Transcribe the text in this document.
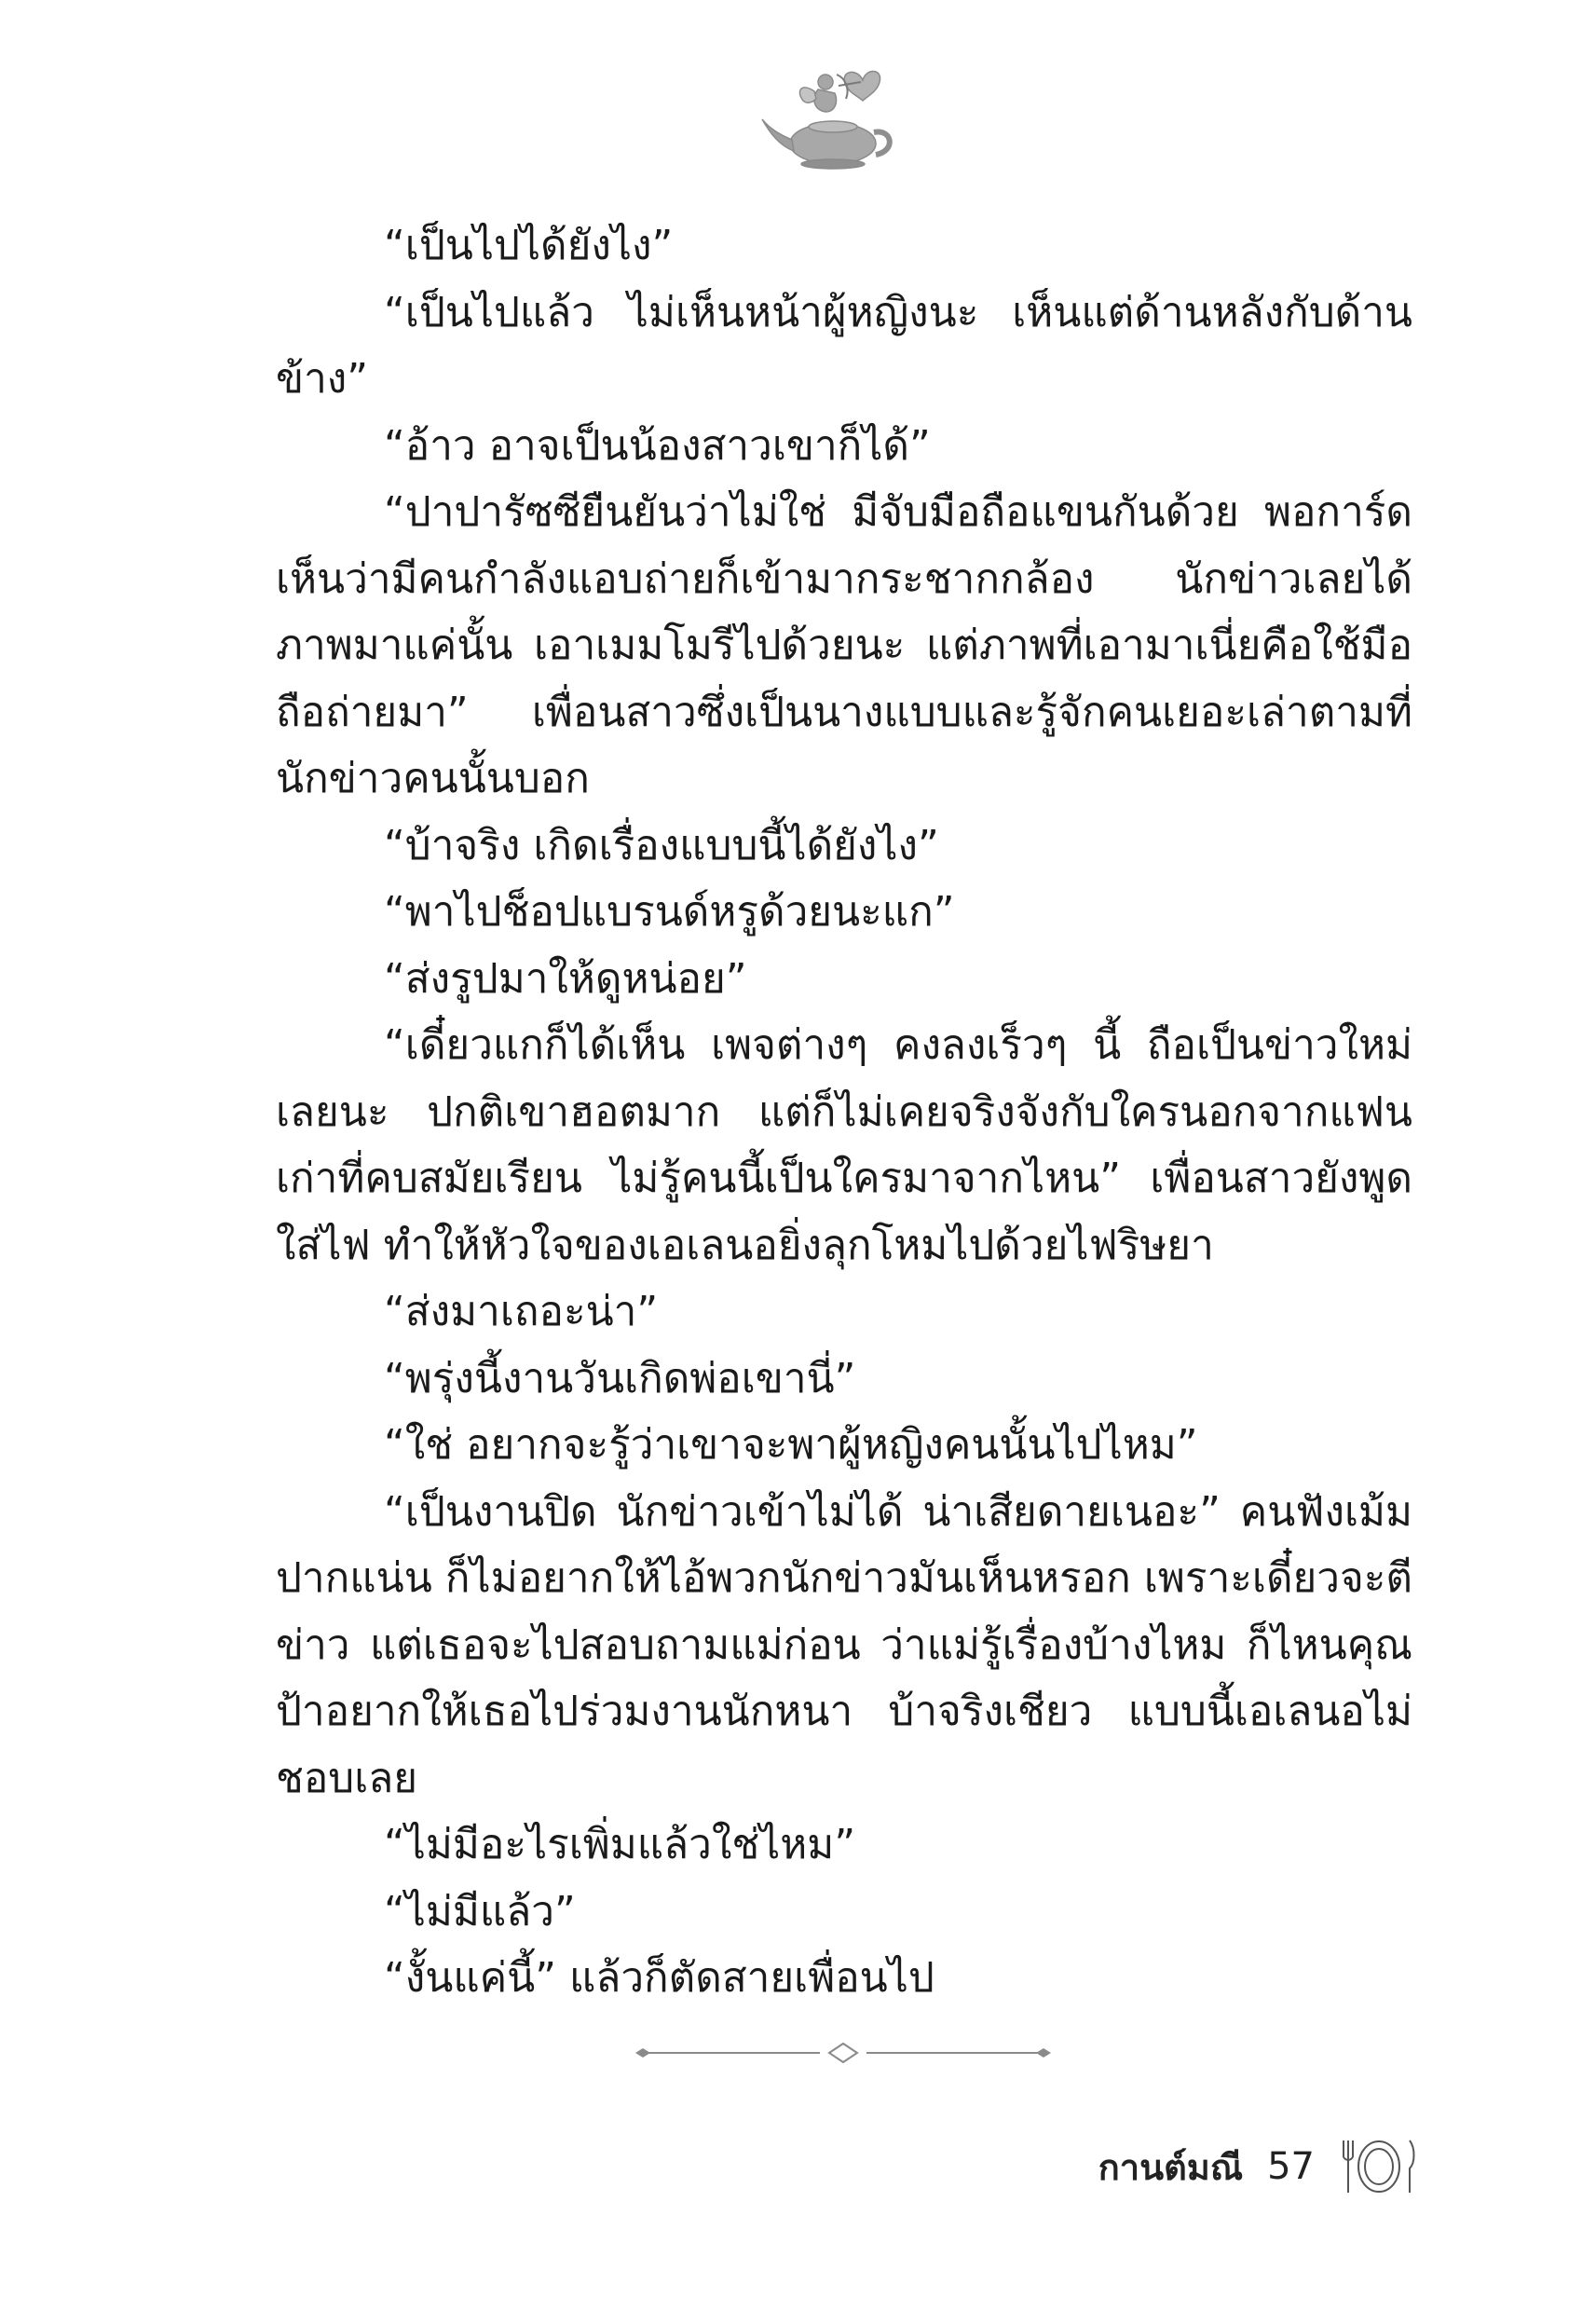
“เป็นไปได้ยังไง”

“เป็นไปแล้ว ไม่เห็นหน้าผู้หญิงนะ เห็นแต่ด้านหลังกับด้านข้าง”

“อ้าว อาจเป็นน้องสาวเขาก็ได้”

“ปาปารัซซียืนยันว่าไม่ใช่ มีจับมือถือแขนกันด้วย พอการ์ดเห็นว่ามีคนกำลังแอบถ่ายก็เข้ามากระชากกล้อง นักข่าวเลยได้ภาพมาแค่นั้น เอาเมมโมรีไปด้วยนะ แต่ภาพที่เอามาเนี่ยคือใช้มือถือถ่ายมา” เพื่อนสาวซึ่งเป็นนางแบบและรู้จักคนเยอะเล่าตามที่นักข่าวคนนั้นบอก

“บ้าจริง เกิดเรื่องแบบนี้ได้ยังไง”

“พาไปช็อปแบรนด์หรูด้วยนะแก”

“ส่งรูปมาให้ดูหน่อย”

“เดี๋ยวแกก็ได้เห็น เพจต่างๆ คงลงเร็วๆ นี้ ถือเป็นข่าวใหม่เลยนะ ปกติเขาฮอตมาก แต่ก็ไม่เคยจริงจังกับใครนอกจากแฟนเก่าที่คบสมัยเรียน ไม่รู้คนนี้เป็นใครมาจากไหน” เพื่อนสาวยังพูดใส่ไฟ ทำให้หัวใจของเอเลนอยิ่งลุกโหมไปด้วยไฟริษยา

“ส่งมาเถอะน่า”

“พรุ่งนี้งานวันเกิดพ่อเขานี่”

“ใช่ อยากจะรู้ว่าเขาจะพาผู้หญิงคนนั้นไปไหม”

“เป็นงานปิด นักข่าวเข้าไม่ได้ น่าเสียดายเนอะ” คนฟังเม้มปากแน่น ก็ไม่อยากให้ไอ้พวกนักข่าวมันเห็นหรอก เพราะเดี๋ยวจะตีข่าว แต่เธอจะไปสอบถามแม่ก่อน ว่าแม่รู้เรื่องบ้างไหม ก็ไหนคุณป้าอยากให้เธอไปร่วมงานนักหนา บ้าจริงเชียว แบบนี้เอเลนอไม่ชอบเลย

“ไม่มีอะไรเพิ่มแล้วใช่ไหม”

“ไม่มีแล้ว”

“งั้นแค่นี้” แล้วก็ตัดสายเพื่อนไป

กานต์มณี 57
